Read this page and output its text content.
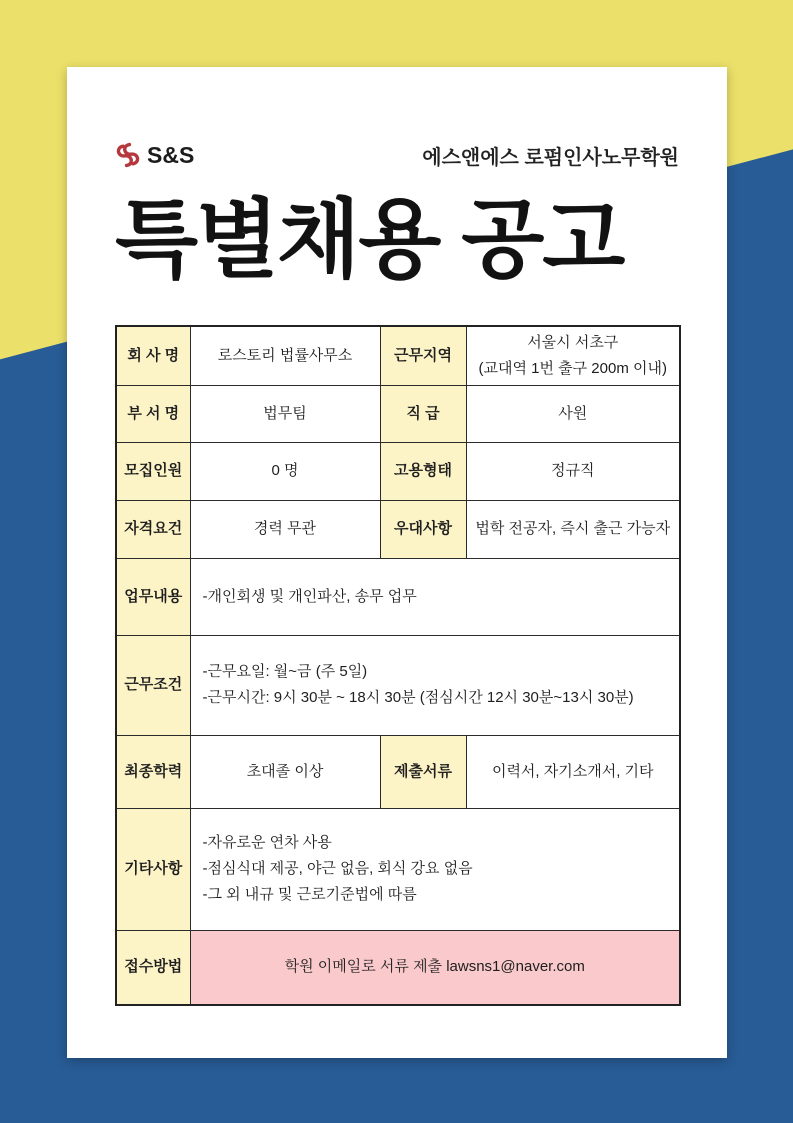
S&S	에스앤에스 로펌인사노무학원
특별채용 공고
회 사 명	로스토리 법률사무소	근무지역	서울시 서초구
(교대역 1번 출구 200m 이내)

부 서 명	법무팀	직 급	사원
모집인원	0 명	고용형태	정규직
자격요건	경력 무관	우대사항	법학 전공자, 즉시 출근 가능자
업무내용	-개인회생 및 개인파산, 송무 업무		
근무조건	-근무요일: 월~금 (주 5일)
-근무시간: 9시 30분 ~ 18시 30분 (점심시간 12시 30분~13시 30분)		

최종학력	초대졸 이상	제출서류	이력서, 자기소개서, 기타
기타사항	-자유로운 연차 사용
-점심식대 제공, 야근 없음, 회식 강요 없음
-그 외 내규 및 근로기준법에 따름		

접수방법	학원 이메일로 서류 제출 lawsns1@naver.com		
